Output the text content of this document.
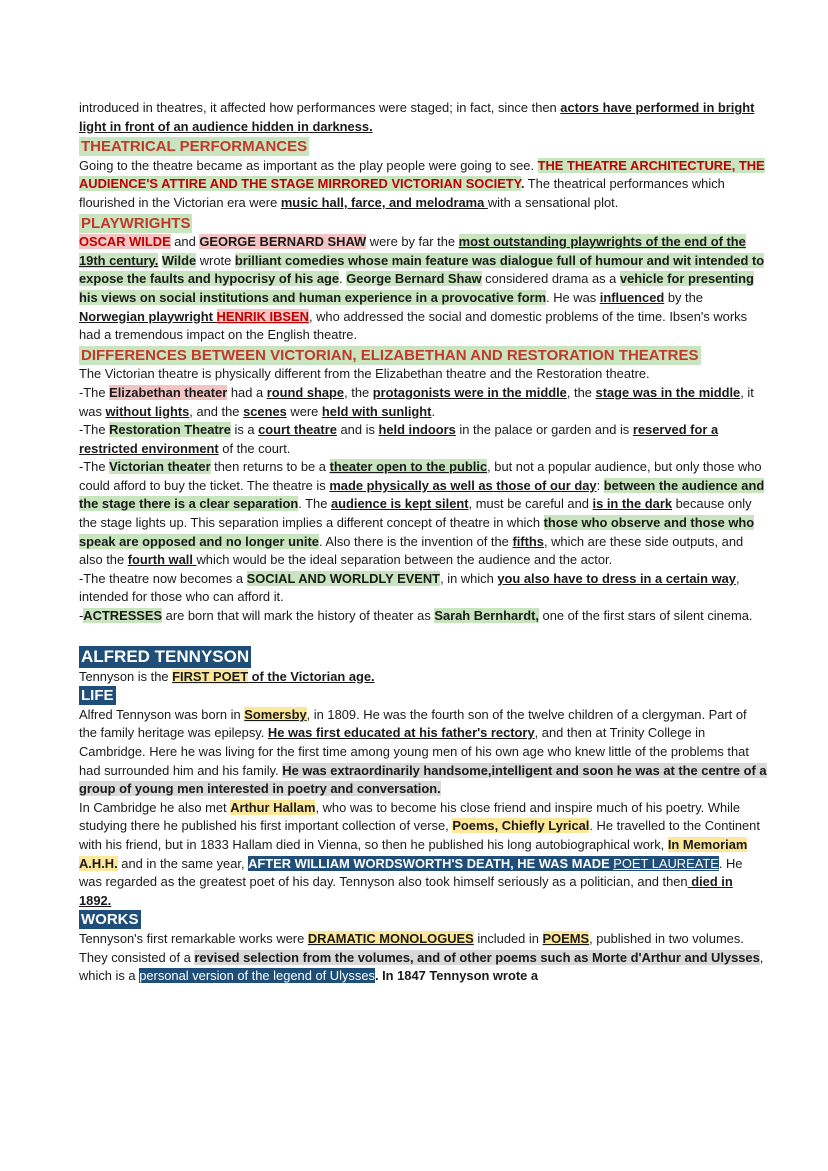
introduced in theatres, it affected how performances were staged; in fact, since then actors have performed in bright light in front of an audience hidden in darkness.

THEATRICAL PERFORMANCES

Going to the theatre became as important as the play people were going to see. THE THEATRE ARCHITECTURE, THE AUDIENCE'S ATTIRE AND THE STAGE MIRRORED VICTORIAN SOCIETY. The theatrical performances which flourished in the Victorian era were music hall, farce, and melodrama with a sensational plot.

PLAYWRIGHTS

OSCAR WILDE and GEORGE BERNARD SHAW were by far the most outstanding playwrights of the end of the 19th century. Wilde wrote brilliant comedies whose main feature was dialogue full of humour and wit intended to expose the faults and hypocrisy of his age. George Bernard Shaw considered drama as a vehicle for presenting his views on social institutions and human experience in a provocative form. He was influenced by the Norwegian playwright HENRIK IBSEN, who addressed the social and domestic problems of the time. Ibsen's works had a tremendous impact on the English theatre.

DIFFERENCES BETWEEN VICTORIAN, ELIZABETHAN AND RESTORATION THEATRES

The Victorian theatre is physically different from the Elizabethan theatre and the Restoration theatre.

-The Elizabethan theater had a round shape, the protagonists were in the middle, the stage was in the middle, it was without lights, and the scenes were held with sunlight.

-The Restoration Theatre is a court theatre and is held indoors in the palace or garden and is reserved for a restricted environment of the court.

-The Victorian theater then returns to be a theater open to the public, but not a popular audience, but only those who could afford to buy the ticket. The theatre is made physically as well as those of our day: between the audience and the stage there is a clear separation. The audience is kept silent, must be careful and is in the dark because only the stage lights up. This separation implies a different concept of theatre in which those who observe and those who speak are opposed and no longer unite. Also there is the invention of the fifths, which are these side outputs, and also the fourth wall which would be the ideal separation between the audience and the actor.

-The theatre now becomes a SOCIAL AND WORLDLY EVENT, in which you also have to dress in a certain way, intended for those who can afford it.

-ACTRESSES are born that will mark the history of theater as Sarah Bernhardt, one of the first stars of silent cinema.

ALFRED TENNYSON

Tennyson is the FIRST POET of the Victorian age.

LIFE

Alfred Tennyson was born in Somersby, in 1809. He was the fourth son of the twelve children of a clergyman. Part of the family heritage was epilepsy. He was first educated at his father's rectory, and then at Trinity College in Cambridge. Here he was living for the first time among young men of his own age who knew little of the problems that had surrounded him and his family. He was extraordinarily handsome,intelligent and soon he was at the centre of a group of young men interested in poetry and conversation.

In Cambridge he also met Arthur Hallam, who was to become his close friend and inspire much of his poetry. While studying there he published his first important collection of verse, Poems, Chiefly Lyrical. He travelled to the Continent with his friend, but in 1833 Hallam died in Vienna, so then he published his long autobiographical work, In Memoriam A.H.H. and in the same year, AFTER WILLIAM WORDSWORTH'S DEATH, HE WAS MADE POET LAUREATE. He was regarded as the greatest poet of his day. Tennyson also took himself seriously as a politician, and then died in 1892.

WORKS

Tennyson's first remarkable works were DRAMATIC MONOLOGUES included in POEMS, published in two volumes. They consisted of a revised selection from the volumes, and of other poems such as Morte d'Arthur and Ulysses, which is a personal version of the legend of Ulysses. In 1847 Tennyson wrote a
